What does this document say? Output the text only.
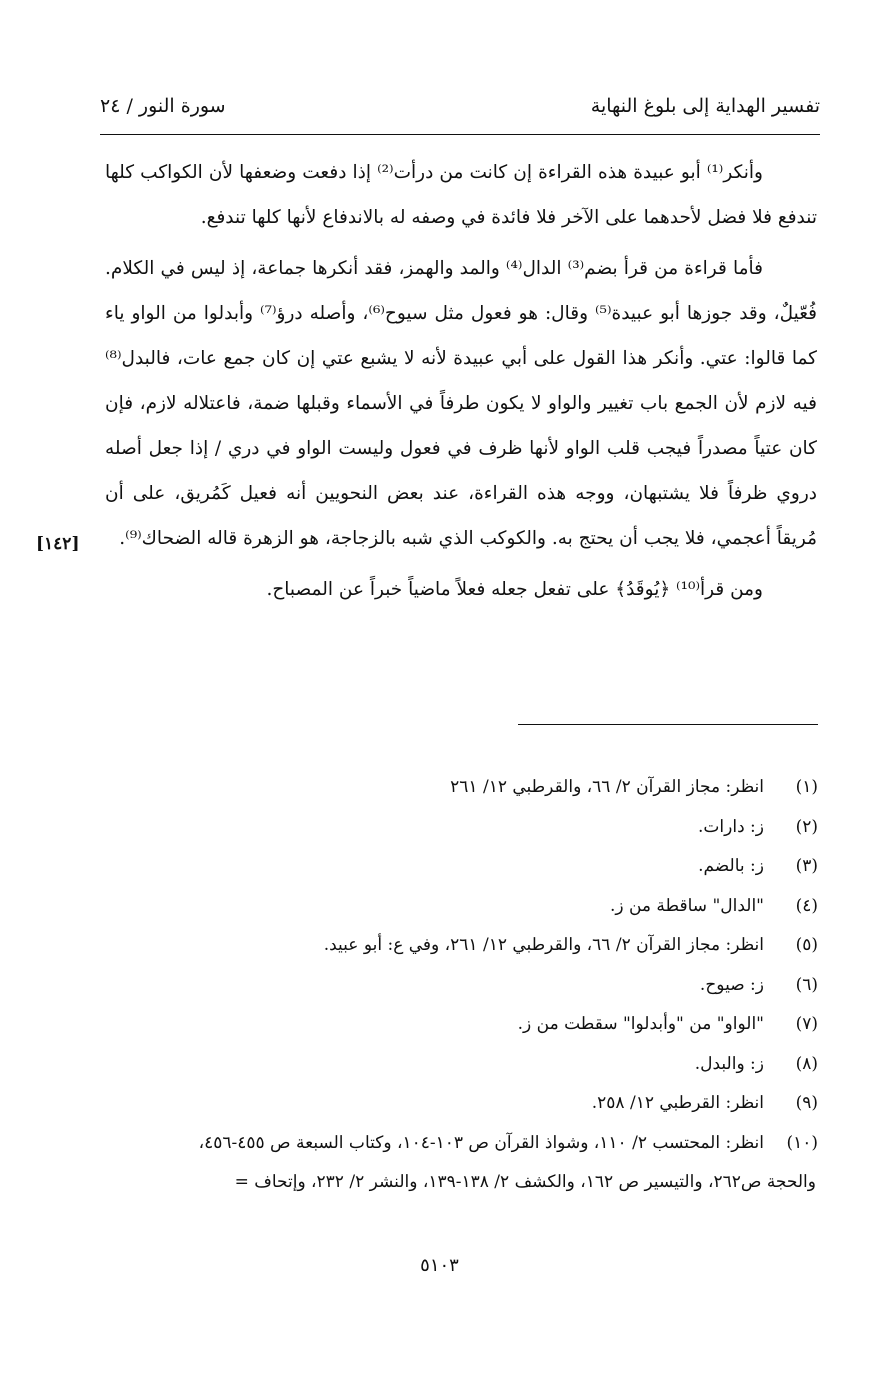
تفسير الهداية إلى بلوغ النهاية
سورة النور / ٢٤

وأنكر⁽¹⁾ أبو عبيدة هذه القراءة إن كانت من درأت⁽²⁾ إذا دفعت وضعفها لأن الكواكب كلها تندفع فلا فضل لأحدهما على الآخر فلا فائدة في وصفه له بالاندفاع لأنها كلها تندفع.

فأما قراءة من قرأ بضم⁽³⁾ الدال⁽⁴⁾ والمد والهمز، فقد أنكرها جماعة، إذ ليس في الكلام. فُعّيلٌ، وقد جوزها أبو عبيدة⁽⁵⁾ وقال: هو فعول مثل سيوح⁽⁶⁾، وأصله درؤ⁽⁷⁾ وأبدلوا من الواو ياء كما قالوا: عتي. وأنكر هذا القول على أبي عبيدة لأنه لا يشبع عتي إن كان جمع عات، فالبدل⁽⁸⁾ فيه لازم لأن الجمع باب تغيير والواو لا يكون طرفاً في الأسماء وقبلها ضمة، فاعتلاله لازم، فإن كان عتياً مصدراً فيجب قلب الواو لأنها ظرف في فعول وليست الواو في دري / إذا جعل أصله دروي ظرفاً فلا يشتبهان، ووجه هذه القراءة، عند بعض النحويين أنه فعيل كَمُريق، على أن مُريقاً أعجمي، فلا يجب أن يحتج به. والكوكب الذي شبه بالزجاجة، هو الزهرة قاله الضحاك⁽⁹⁾.

ومن قرأ⁽¹⁰⁾ ﴿يُوقَدُ﴾ على تفعل جعله فعلاً ماضياً خبراً عن المصباح.

[١٤٢]
(١)انظر: مجاز القرآن ٢/ ٦٦، والقرطبي ١٢/ ٢٦١
(٢)ز: دارات.
(٣)ز: بالضم.
(٤)"الدال" ساقطة من ز.
(٥)انظر: مجاز القرآن ٢/ ٦٦، والقرطبي ١٢/ ٢٦١، وفي ع: أبو عبيد.
(٦)ز: صيوح.
(٧)"الواو" من "وأبدلوا" سقطت من ز.
(٨)ز: والبدل.
(٩)انظر: القرطبي ١٢/ ٢٥٨.
(١٠)انظر: المحتسب ٢/ ١١٠، وشواذ القرآن ص ١٠٣-١٠٤، وكتاب السبعة ص ٤٥٥-٤٥٦،
والحجة ص٢٦٢، والتيسير ص ١٦٢، والكشف ٢/ ١٣٨-١٣٩، والنشر ٢/ ٢٣٢، وإتحاف =
٥١٠٣
